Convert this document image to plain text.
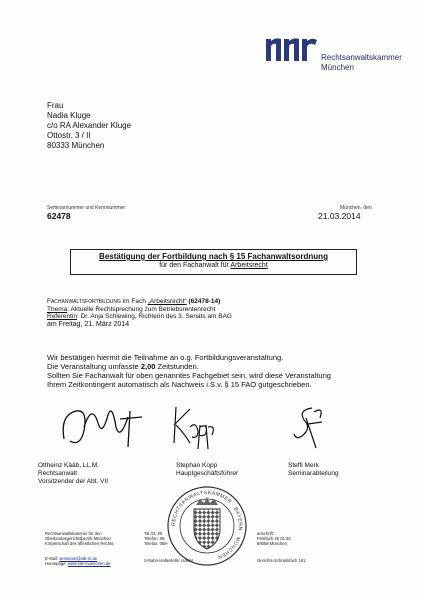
Rechtsanwaltskammer
München
Frau
Nadia Kluge
c/o RA Alexander Kluge
Ottostr. 3 / II
80333 München
Seminarnummer und Kennnummer:
62478
München, den
21.03.2014
Bestätigung der Fortbildung nach § 15 Fachanwaltsordnung
für den Fachanwalt für Arbeitsrecht
Fachanwaltsfortbildung im Fach „Arbeitsrecht“ (62478-14)
Thema: Aktuelle Rechtsprechung zum Betriebsrentenrecht
Referentin: Dr. Anja Schlewing, Richterin des 3. Senats am BAG
am Freitag, 21. März 2014
Wir bestätigen hiermit die Teilnahme an o.g. Fortbildungsveranstaltung.
Die Veranstaltung umfasste 2,00 Zeitstunden.
Sollten Sie Fachanwalt für oben genanntes Fachgebiet sein, wird diese Veranstaltung
Ihrem Zeitkontingent automatisch als Nachweis i.S.v. § 15 FAO gutgeschrieben.
Ottheinz Kääb, LL.M.
Rechtsanwalt
Vorsitzender der Abt. VII
Stephan Kopp
Hauptgeschäftsführer
Steffi Merk
Seminarabteilung
RECHTSANWALTSKAMMER · BAYERN · MÜNCHEN
Rechtsanwaltskammer für den
Oberlandesgerichtsbezirk München
Körperschaft des öffentlichen Rechts
E-Mail: seminare@rak-m.de
Homepage: www.rak-muenchen.de
Tal 33, 80
Telefon: 08
Telefax: 089-
S-Bahn-Haltestelle: Isartor
anschrift:
Postfach 26 01 63
80058 München
Gerichts-Schrankfach 191
